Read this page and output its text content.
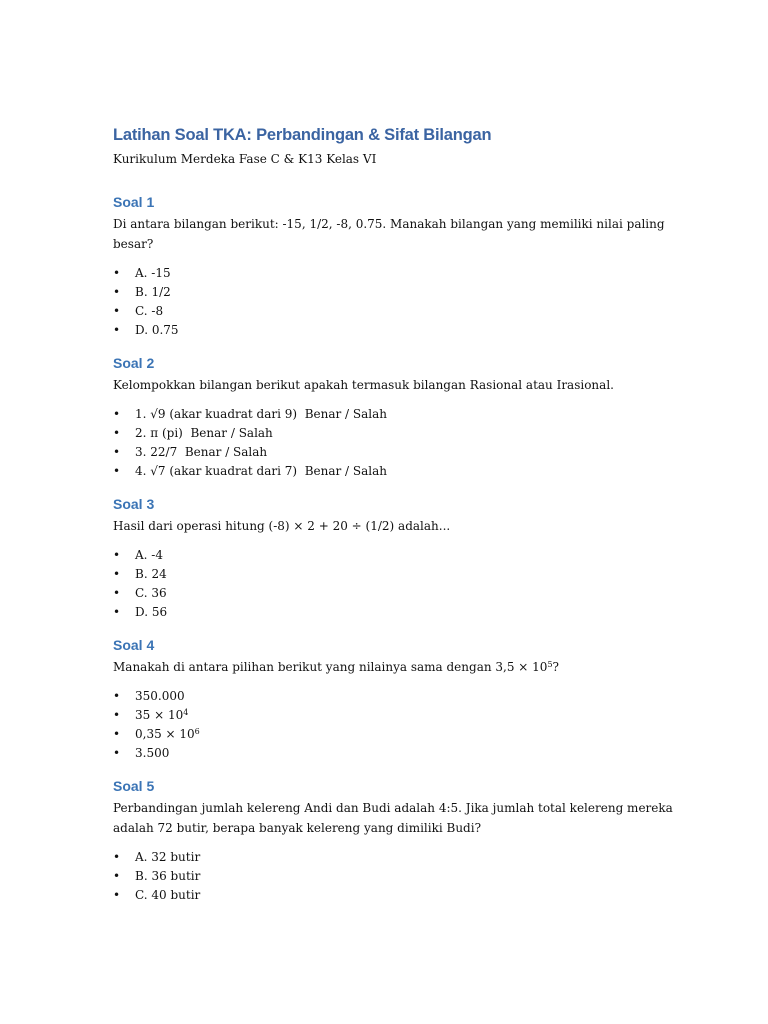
Latihan Soal TKA: Perbandingan & Sifat Bilangan

Kurikulum Merdeka Fase C & K13 Kelas VI

Soal 1

Di antara bilangan berikut: -15, 1/2, -8, 0.75. Manakah bilangan yang memiliki nilai paling besar?

• A. -15
• B. 1/2
• C. -8
• D. 0.75
Soal 2

Kelompokkan bilangan berikut apakah termasuk bilangan Rasional atau Irasional.

• 1. √9 (akar kuadrat dari 9)  Benar / Salah
• 2. π (pi)  Benar / Salah
• 3. 22/7  Benar / Salah
• 4. √7 (akar kuadrat dari 7)  Benar / Salah
Soal 3

Hasil dari operasi hitung (-8) × 2 + 20 ÷ (1/2) adalah...

• A. -4
• B. 24
• C. 36
• D. 56
Soal 4

Manakah di antara pilihan berikut yang nilainya sama dengan $3,5 \times 10^5$?

• 350.000
• $35 \times 10^4$
• $0,35 \times 10^6$
• 3.500
Soal 5

Perbandingan jumlah kelereng Andi dan Budi adalah 4:5. Jika jumlah total kelereng mereka adalah 72 butir, berapa banyak kelereng yang dimiliki Budi?

• A. 32 butir
• B. 36 butir
• C. 40 butir
